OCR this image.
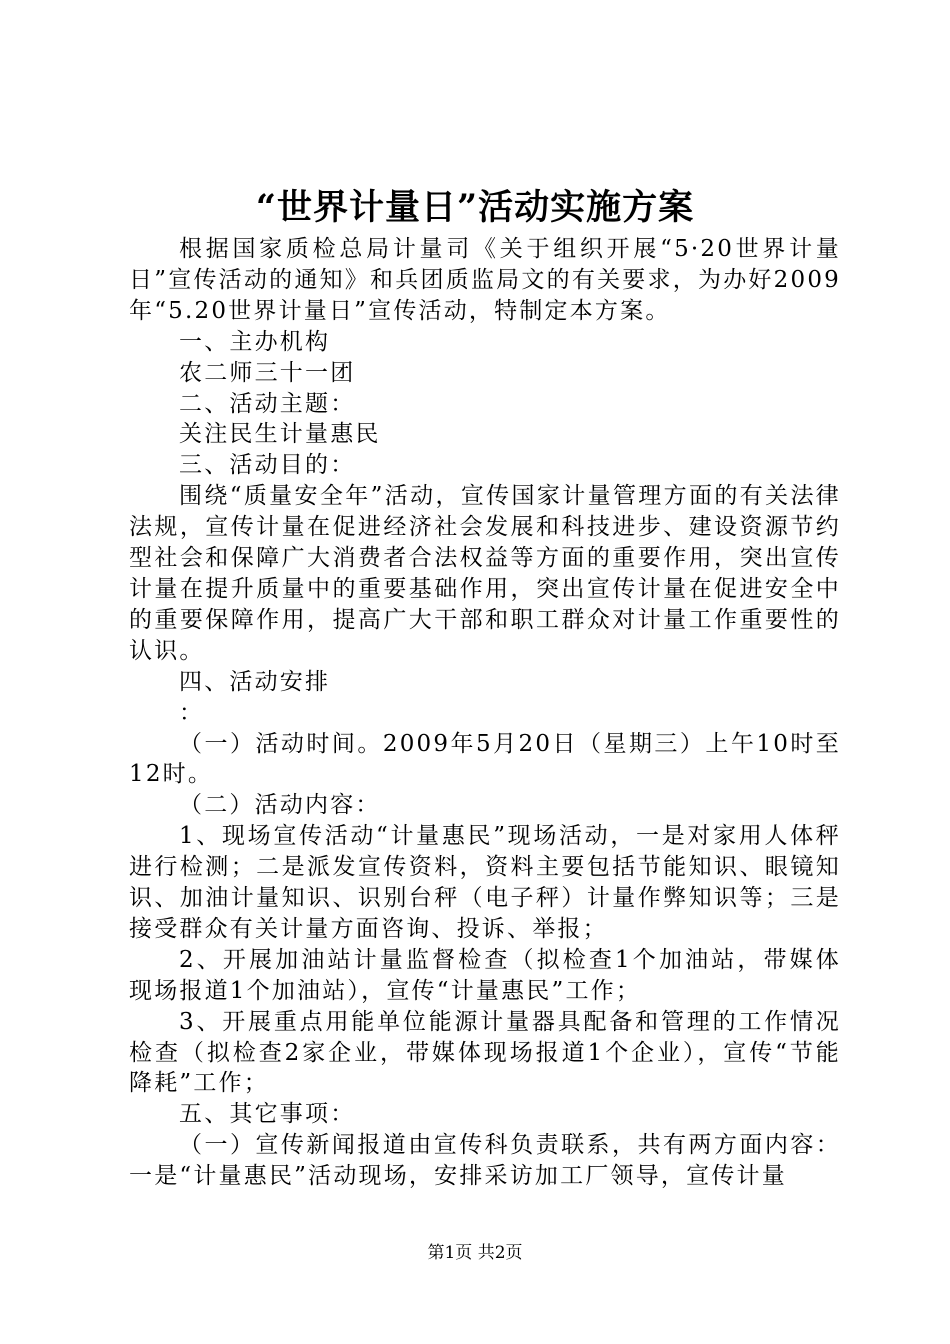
“世界计量日”活动实施方案

根据国家质检总局计量司《关于组织开展“5·20世界计量日”宣传活动的通知》和兵团质监局文的有关要求，为办好2009年“5.20世界计量日”宣传活动，特制定本方案。

一、主办机构

农二师三十一团

二、活动主题：

关注民生计量惠民

三、活动目的：

围绕“质量安全年”活动，宣传国家计量管理方面的有关法律法规，宣传计量在促进经济社会发展和科技进步、建设资源节约型社会和保障广大消费者合法权益等方面的重要作用，突出宣传计量在提升质量中的重要基础作用，突出宣传计量在促进安全中的重要保障作用，提高广大干部和职工群众对计量工作重要性的认识。

四、活动安排

：

（一）活动时间。2009年5月20日（星期三）上午10时至12时。

（二）活动内容：

1、现场宣传活动“计量惠民”现场活动，一是对家用人体秤进行检测；二是派发宣传资料，资料主要包括节能知识、眼镜知识、加油计量知识、识别台秤（电子秤）计量作弊知识等；三是接受群众有关计量方面咨询、投诉、举报；

2、开展加油站计量监督检查（拟检查1个加油站，带媒体现场报道1个加油站），宣传“计量惠民”工作；

3、开展重点用能单位能源计量器具配备和管理的工作情况检查（拟检查2家企业，带媒体现场报道1个企业），宣传“节能降耗”工作；

五、其它事项：

（一）宣传新闻报道由宣传科负责联系，共有两方面内容：一是“计量惠民”活动现场，安排采访加工厂领导，宣传计量

第1页 共2页
